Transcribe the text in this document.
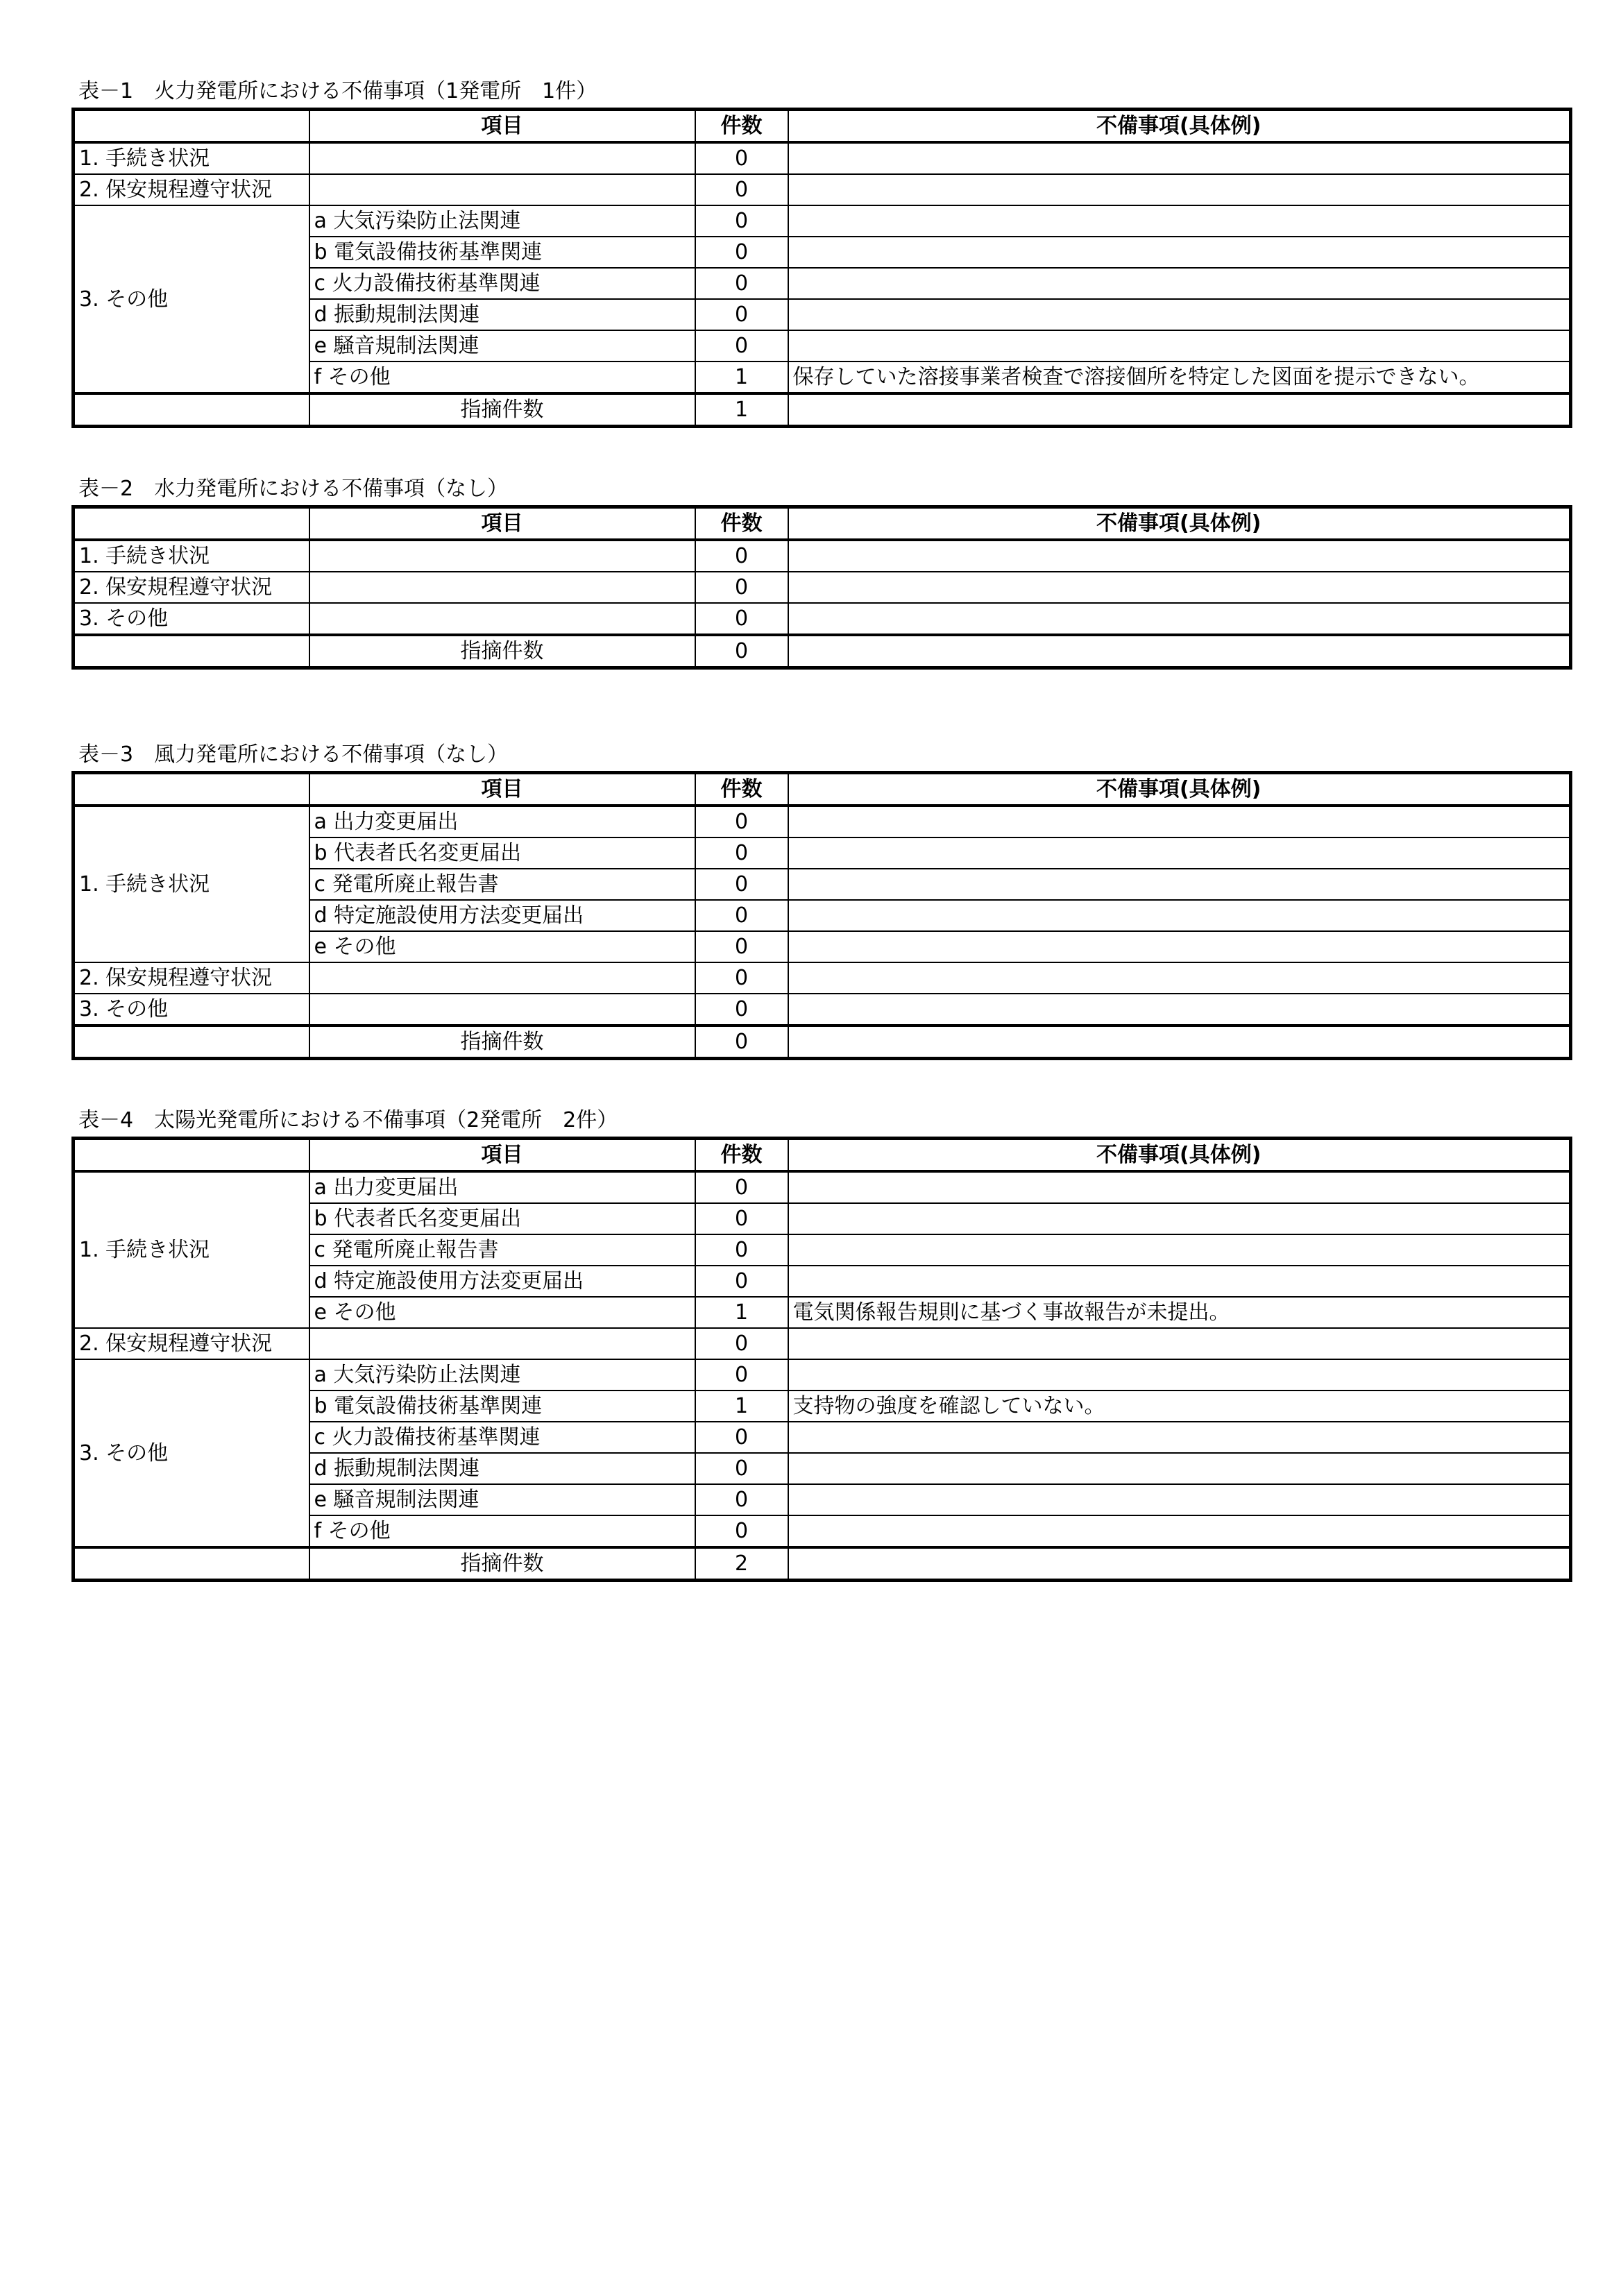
表－1　火力発電所における不備事項（1発電所　1件）
	項目	件数	不備事項(具体例)
1. 手続き状況		0	
2. 保安規程遵守状況		0	
3. その他	a 大気汚染防止法関連	0	
	b 電気設備技術基準関連	0	
	c 火力設備技術基準関連	0	
	d 振動規制法関連	0	
	e 騒音規制法関連	0	
	f その他	1	保存していた溶接事業者検査で溶接個所を特定した図面を提示できない。
	指摘件数	1	
表－2　水力発電所における不備事項（なし）
	項目	件数	不備事項(具体例)
1. 手続き状況		0	
2. 保安規程遵守状況		0	
3. その他		0	
	指摘件数	0	
表－3　風力発電所における不備事項（なし）
	項目	件数	不備事項(具体例)
1. 手続き状況	a 出力変更届出	0	
	b 代表者氏名変更届出	0	
	c 発電所廃止報告書	0	
	d 特定施設使用方法変更届出	0	
	e その他	0	
2. 保安規程遵守状況		0	
3. その他		0	
	指摘件数	0	
表－4　太陽光発電所における不備事項（2発電所　2件）
	項目	件数	不備事項(具体例)
1. 手続き状況	a 出力変更届出	0	
	b 代表者氏名変更届出	0	
	c 発電所廃止報告書	0	
	d 特定施設使用方法変更届出	0	
	e その他	1	電気関係報告規則に基づく事故報告が未提出。
2. 保安規程遵守状況		0	
3. その他	a 大気汚染防止法関連	0	
	b 電気設備技術基準関連	1	支持物の強度を確認していない。
	c 火力設備技術基準関連	0	
	d 振動規制法関連	0	
	e 騒音規制法関連	0	
	f その他	0	
	指摘件数	2	
